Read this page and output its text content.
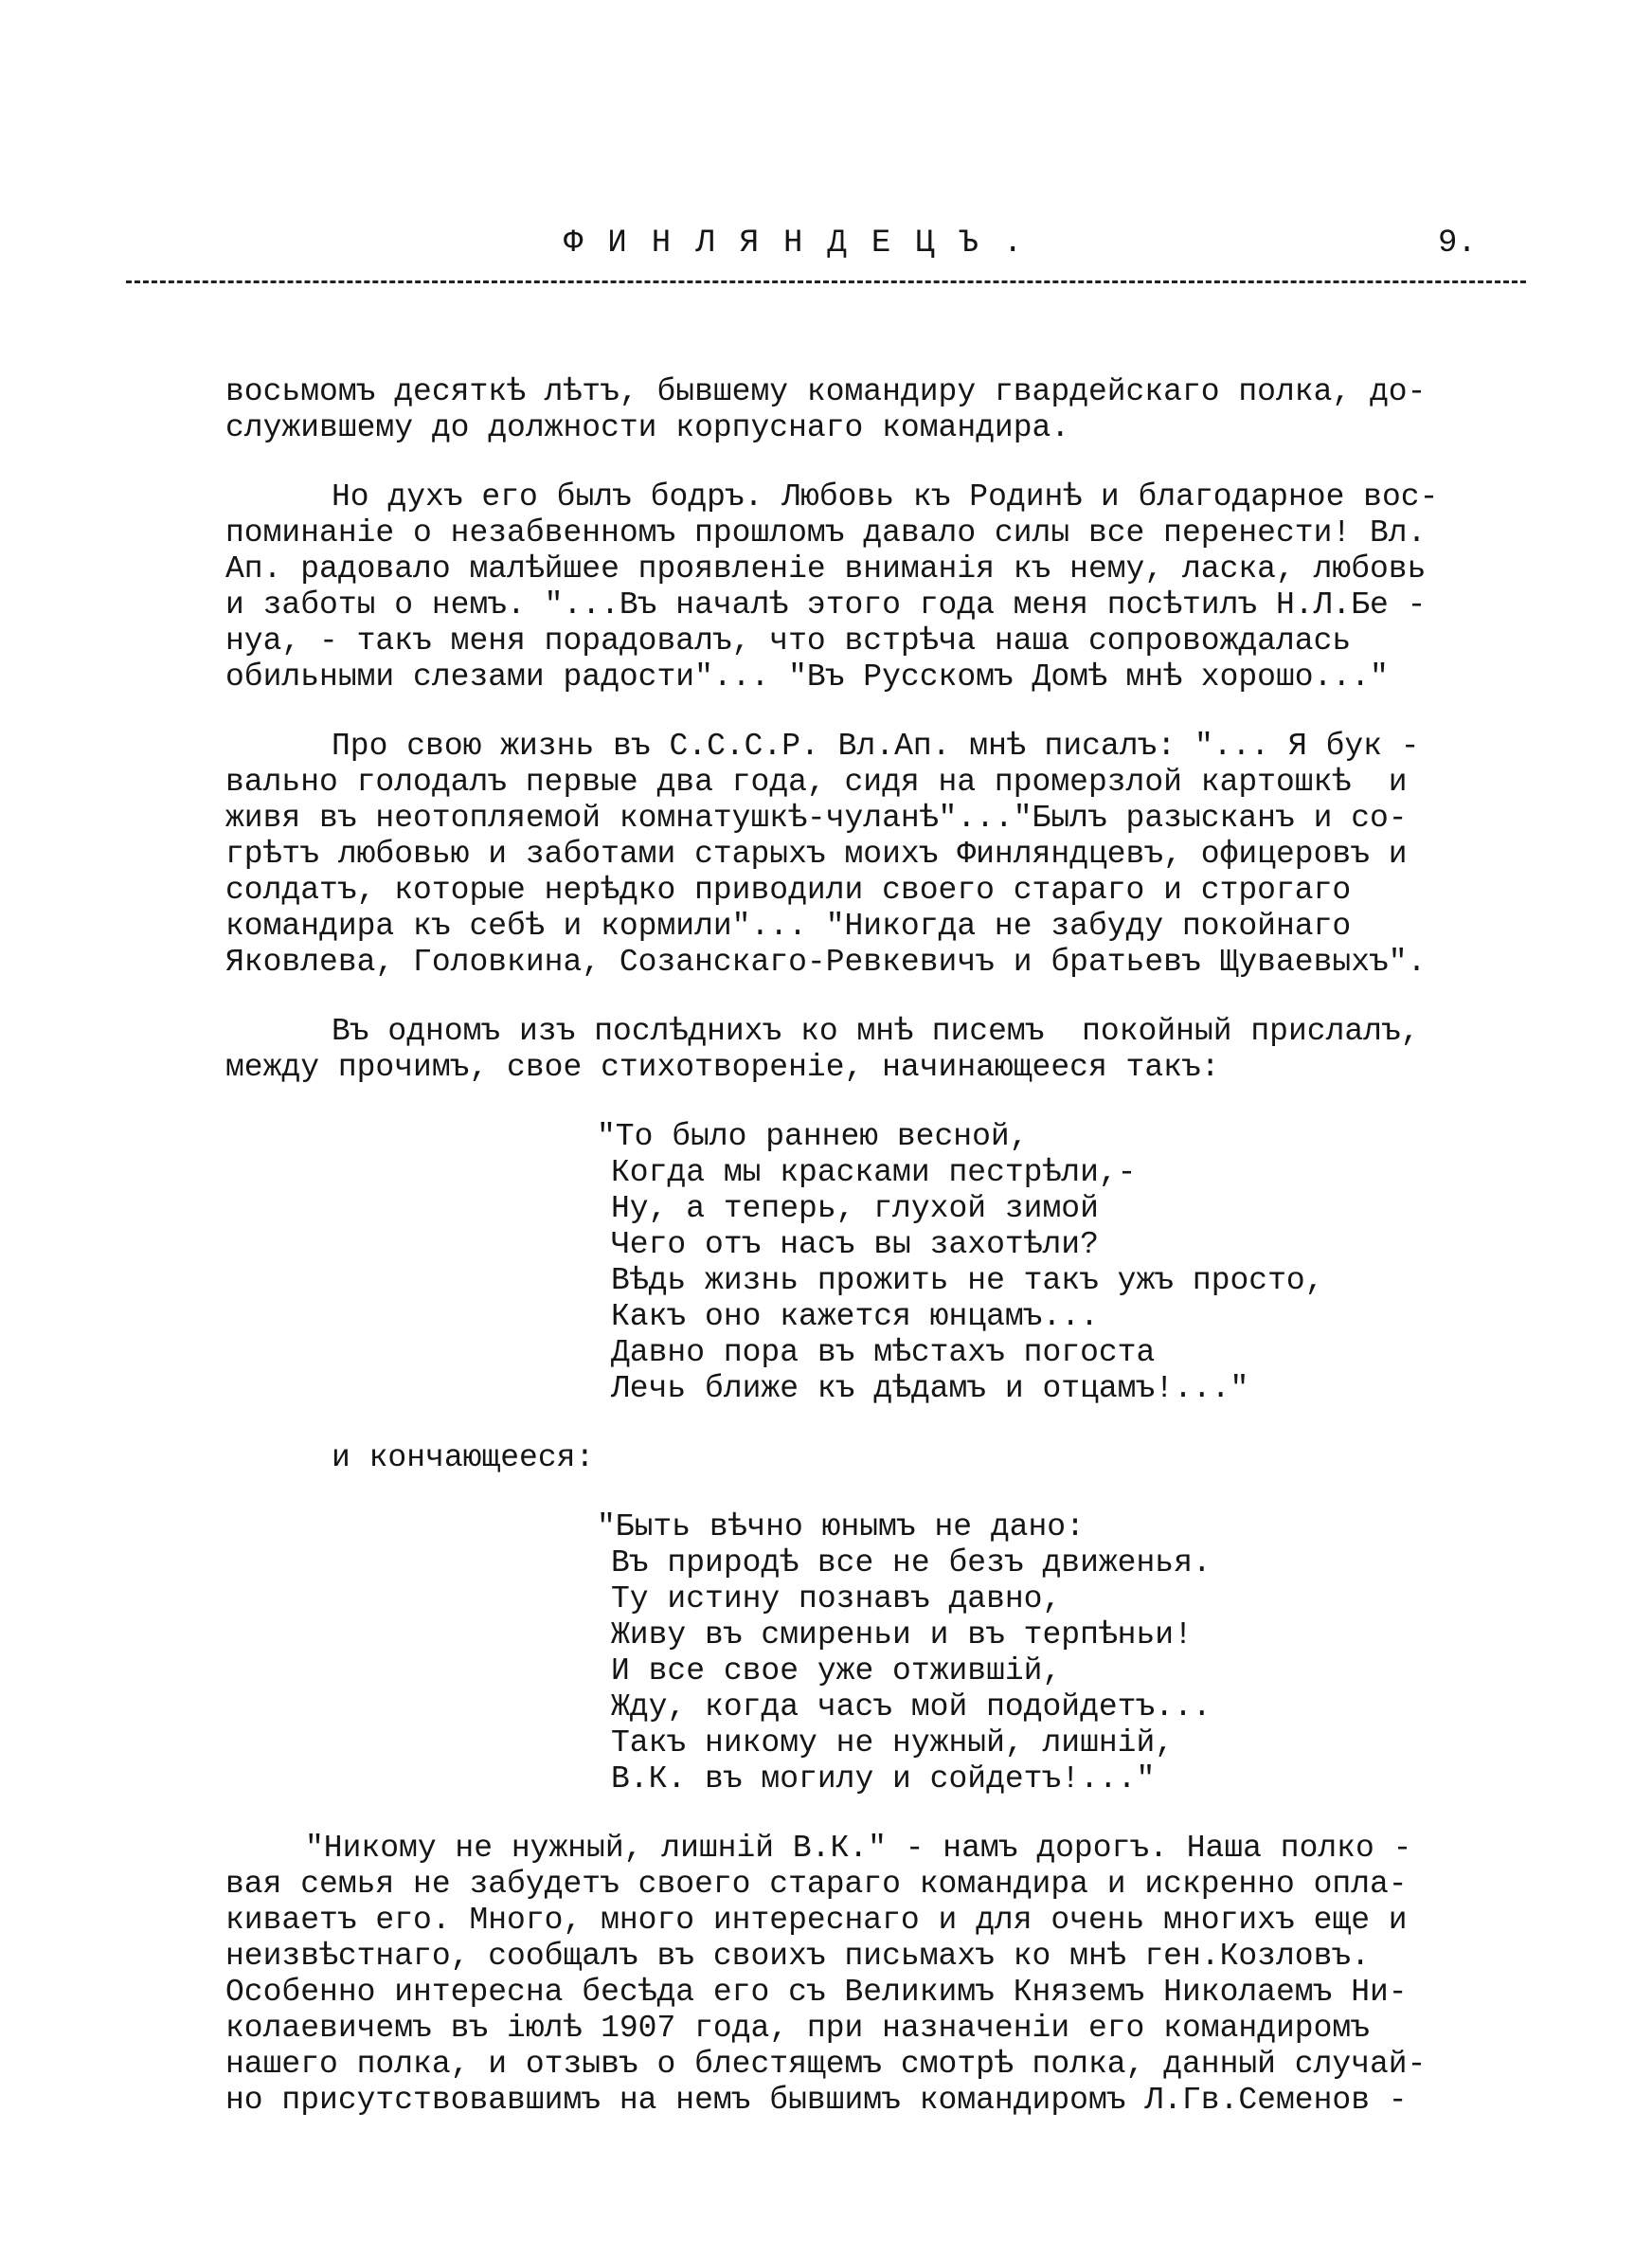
ФИНЛЯНДЕЦЪ.	9.
восьмомъ десяткѣ лѣтъ, бывшему командиру гвардейскаго полка, до-
служившему до должности корпуснаго командира.
Но духъ его былъ бодръ. Любовь къ Родинѣ и благодарное вос-
поминаніе о незабвенномъ прошломъ давало силы все перенести! Вл.
Ап. радовало малѣйшее проявленіе вниманія къ нему, ласка, любовь
и заботы о немъ. "...Въ началѣ этого года меня посѣтилъ Н.Л.Бе -
нуа, - такъ меня порадовалъ, что встрѣча наша сопровождалась
обильными слезами радости"... "Въ Русскомъ Домѣ мнѣ хорошо..."
Про свою жизнь въ С.С.С.Р. Вл.Ап. мнѣ писалъ: "... Я бук -
вально голодалъ первые два года, сидя на промерзлой картошкѣ  и
живя въ неотопляемой комнатушкѣ-чуланѣ"..."Былъ разысканъ и со-
грѣтъ любовью и заботами старыхъ моихъ Финляндцевъ, офицеровъ и
солдатъ, которые нерѣдко приводили своего стараго и строгаго
командира къ себѣ и кормили"... "Никогда не забуду покойнаго
Яковлева, Головкина, Созанскаго-Ревкевичъ и братьевъ Щуваевыхъ".
Въ одномъ изъ послѣднихъ ко мнѣ писемъ  покойный прислалъ,
между прочимъ, свое стихотвореніе, начинающееся такъ:
"То было раннею весной,
Когда мы красками пестрѣли,-
Ну, а теперь, глухой зимой
Чего отъ насъ вы захотѣли?
Вѣдь жизнь прожить не такъ ужъ просто,
Какъ оно кажется юнцамъ...
Давно пора въ мѣстахъ погоста
Лечь ближе къ дѣдамъ и отцамъ!..."
и кончающееся:
"Быть вѣчно юнымъ не дано:
Въ природѣ все не безъ движенья.
Ту истину познавъ давно,
Живу въ смиреньи и въ терпѣньи!
И все свое уже отжившій,
Жду, когда часъ мой подойдетъ...
Такъ никому не нужный, лишній,
В.К. въ могилу и сойдетъ!..."
"Никому не нужный, лишній В.К." - намъ дорогъ. Наша полко -
вая семья не забудетъ своего стараго командира и искренно опла-
киваетъ его. Много, много интереснаго и для очень многихъ еще и
неизвѣстнаго, сообщалъ въ своихъ письмахъ ко мнѣ ген.Козловъ.
Особенно интересна бесѣда его съ Великимъ Княземъ Николаемъ Ни-
колаевичемъ въ іюлѣ 1907 года, при назначеніи его командиромъ
нашего полка, и отзывъ о блестящемъ смотрѣ полка, данный случай-
но присутствовавшимъ на немъ бывшимъ командиромъ Л.Гв.Семенов -
